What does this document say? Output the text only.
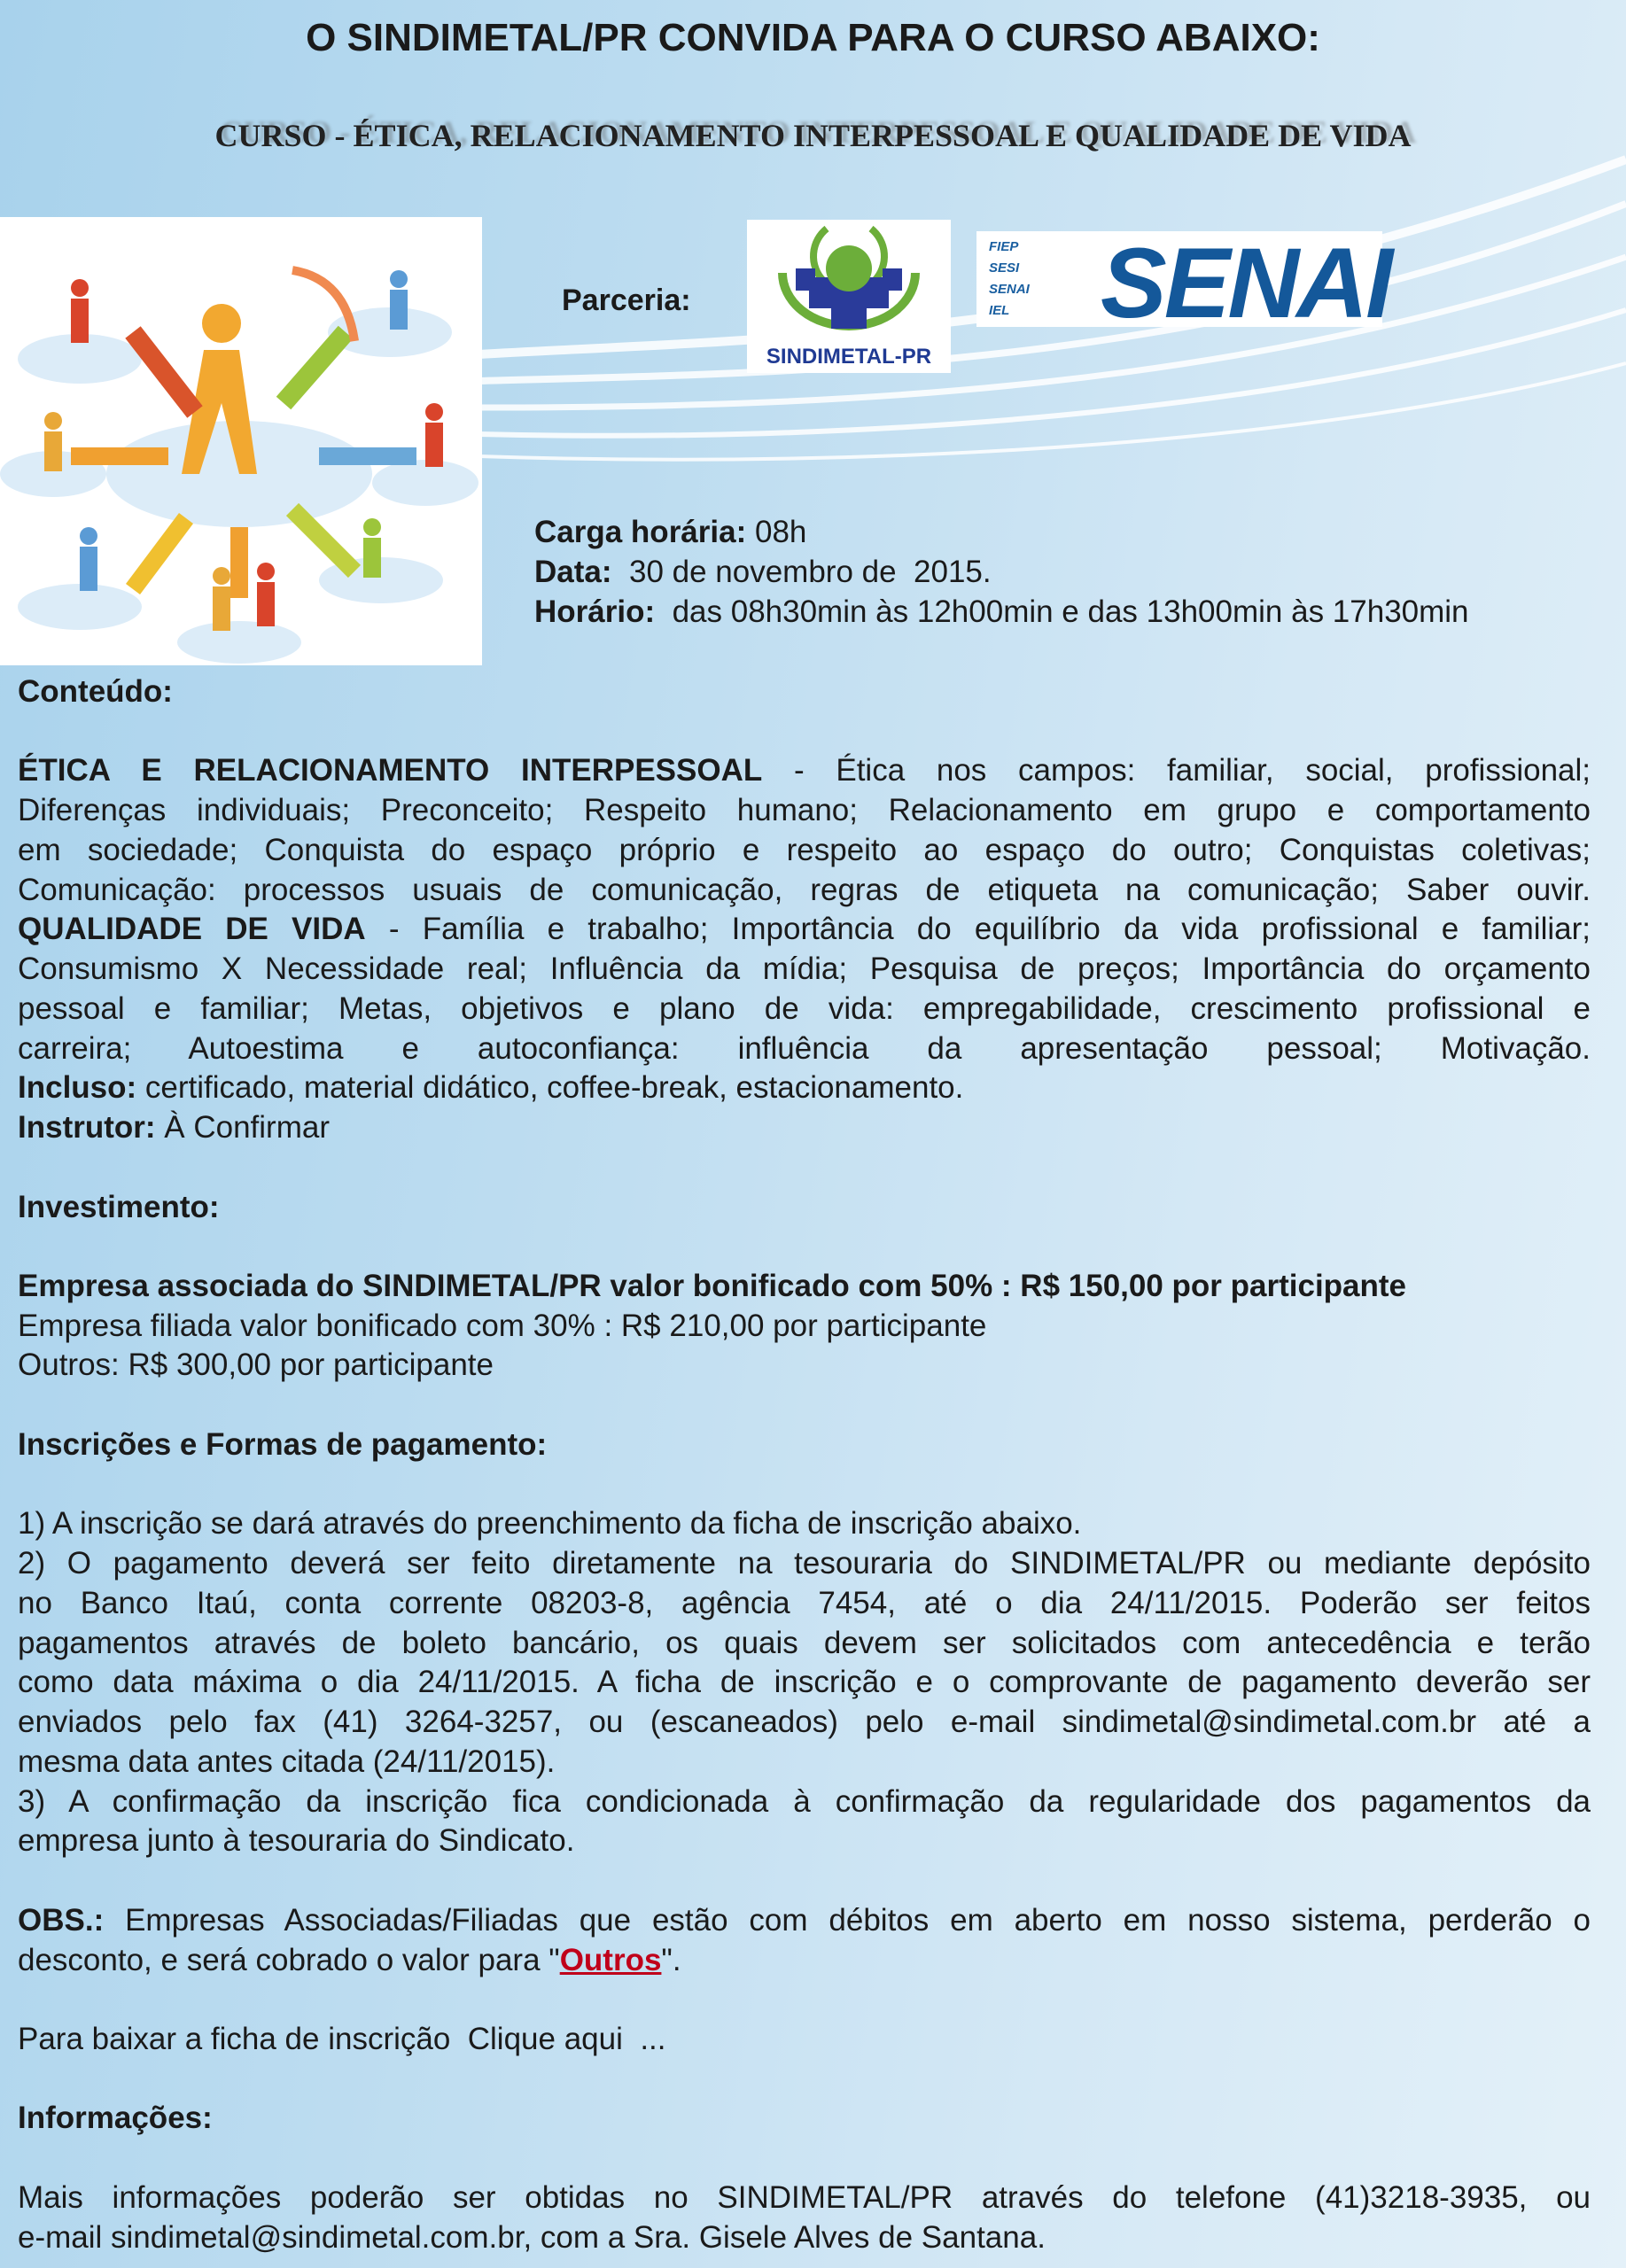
O SINDIMETAL/PR CONVIDA PARA O CURSO ABAIXO:
CURSO - ÉTICA, RELACIONAMENTO INTERPESSOAL E QUALIDADE DE VIDA
Parceria:
SINDIMETAL-PR
FIEP
SESI
SENAI
IEL SENAI
Carga horária: 08h
Data:  30 de novembro de  2015.
Horário:  das 08h30min às 12h00min e das 13h00min às 17h30min
Conteúdo:
ÉTICA E RELACIONAMENTO INTERPESSOAL - Ética nos campos: familiar, social, profissional;
Diferenças individuais; Preconceito; Respeito humano; Relacionamento em grupo e comportamento
em sociedade; Conquista do espaço próprio e respeito ao espaço do outro; Conquistas coletivas;
Comunicação: processos usuais de comunicação, regras de etiqueta na comunicação; Saber ouvir.
QUALIDADE DE VIDA - Família e trabalho; Importância do equilíbrio da vida profissional e familiar;
Consumismo X Necessidade real; Influência da mídia; Pesquisa de preços; Importância do orçamento
pessoal e familiar; Metas, objetivos e plano de vida: empregabilidade, crescimento profissional e
carreira; Autoestima e autoconfiança: influência da apresentação pessoal; Motivação.
Incluso: certificado, material didático, coffee-break, estacionamento.
Instrutor: À Confirmar
Investimento:
Empresa associada do SINDIMETAL/PR valor bonificado com 50% : R$ 150,00 por participante
Empresa filiada valor bonificado com 30% : R$ 210,00 por participante
Outros: R$ 300,00 por participante
Inscrições e Formas de pagamento:
1) A inscrição se dará através do preenchimento da ficha de inscrição abaixo.
2) O pagamento deverá ser feito diretamente na tesouraria do SINDIMETAL/PR ou mediante depósito
no Banco Itaú, conta corrente 08203-8, agência 7454, até o dia 24/11/2015. Poderão ser feitos
pagamentos através de boleto bancário, os quais devem ser solicitados com antecedência e terão
como data máxima o dia 24/11/2015. A ficha de inscrição e o comprovante de pagamento deverão ser
enviados pelo fax (41) 3264-3257, ou (escaneados) pelo e-mail sindimetal@sindimetal.com.br até a
mesma data antes citada (24/11/2015).
3) A confirmação da inscrição fica condicionada à confirmação da regularidade dos pagamentos da
empresa junto à tesouraria do Sindicato.
OBS.: Empresas Associadas/Filiadas que estão com débitos em aberto em nosso sistema, perderão o
desconto, e será cobrado o valor para "Outros".
Para baixar a ficha de inscrição  Clique aqui  ...
Informações:
Mais informações poderão ser obtidas no SINDIMETAL/PR através do telefone (41)3218-3935, ou
e-mail sindimetal@sindimetal.com.br, com a Sra. Gisele Alves de Santana.
